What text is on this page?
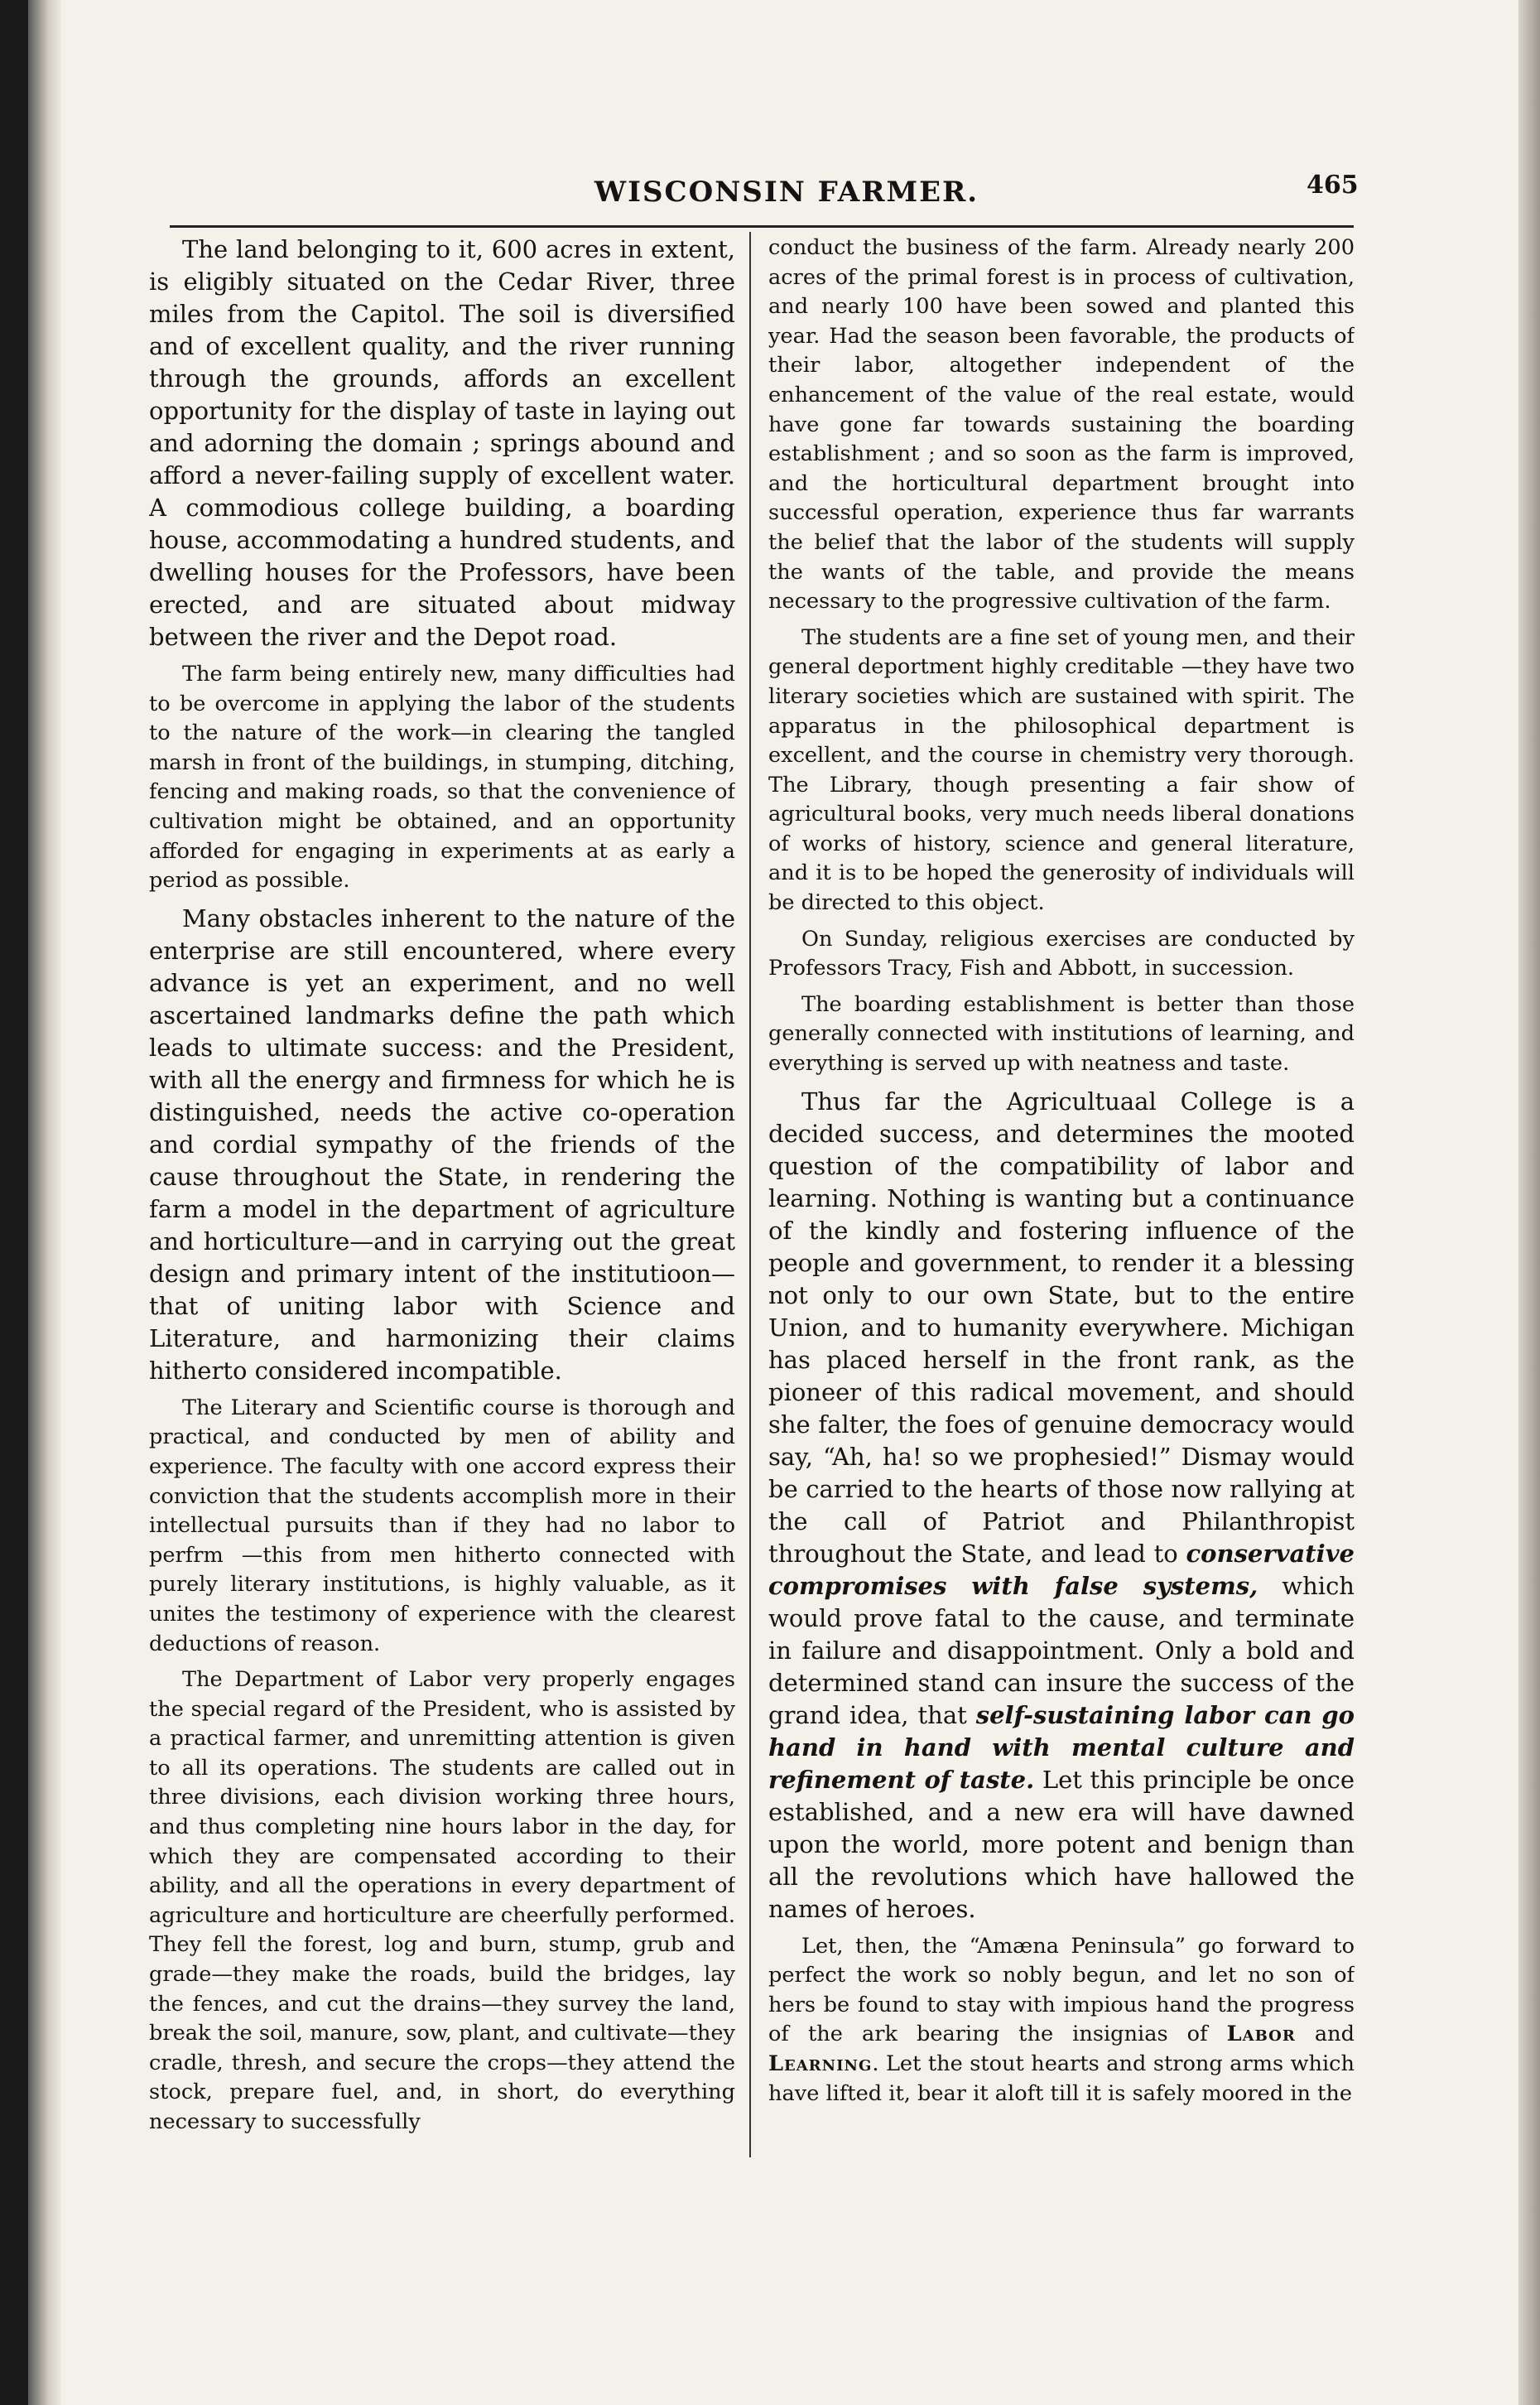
WISCONSIN FARMER.	465

The land belonging to it, 600 acres in extent, is eligibly situated on the Cedar River, three miles from the Capitol. The soil is diversified and of excellent quality, and the river running through the grounds, affords an excellent opportunity for the display of taste in laying out and adorning the domain ; springs abound and afford a never-failing supply of excellent water. A commodious college building, a boarding house, accommodating a hundred students, and dwelling houses for the Professors, have been erected, and are situated about midway between the river and the Depot road.

The farm being entirely new, many difficulties had to be overcome in applying the labor of the students to the nature of the work—in clearing the tangled marsh in front of the buildings, in stumping, ditching, fencing and making roads, so that the convenience of cultivation might be obtained, and an opportunity afforded for engaging in experiments at as early a period as possible.

Many obstacles inherent to the nature of the enterprise are still encountered, where every advance is yet an experiment, and no well ascertained landmarks define the path which leads to ultimate success: and the President, with all the energy and firmness for which he is distinguished, needs the active co-operation and cordial sympathy of the friends of the cause throughout the State, in rendering the farm a model in the department of agriculture and horticulture—and in carrying out the great design and primary intent of the institutioon—that of uniting labor with Science and Literature, and harmonizing their claims hitherto considered incompatible.

The Literary and Scientific course is thorough and practical, and conducted by men of ability and experience. The faculty with one accord express their conviction that the students accomplish more in their intellectual pursuits than if they had no labor to perfrm —this from men hitherto connected with purely literary institutions, is highly valuable, as it unites the testimony of experience with the clearest deductions of reason.

The Department of Labor very properly engages the special regard of the President, who is assisted by a practical farmer, and unremitting attention is given to all its operations. The students are called out in three divisions, each division working three hours, and thus completing nine hours labor in the day, for which they are compensated according to their ability, and all the operations in every department of agriculture and horticulture are cheerfully performed. They fell the forest, log and burn, stump, grub and grade—they make the roads, build the bridges, lay the fences, and cut the drains—they survey the land, break the soil, manure, sow, plant, and cultivate—they cradle, thresh, and secure the crops—they attend the stock, prepare fuel, and, in short, do everything necessary to successfully

conduct the business of the farm. Already nearly 200 acres of the primal forest is in process of cultivation, and nearly 100 have been sowed and planted this year. Had the season been favorable, the products of their labor, altogether independent of the enhancement of the value of the real estate, would have gone far towards sustaining the boarding establishment ; and so soon as the farm is improved, and the horticultural department brought into successful operation, experience thus far warrants the belief that the labor of the students will supply the wants of the table, and provide the means necessary to the progressive cultivation of the farm.

The students are a fine set of young men, and their general deportment highly creditable —they have two literary societies which are sustained with spirit. The apparatus in the philosophical department is excellent, and the course in chemistry very thorough. The Library, though presenting a fair show of agricultural books, very much needs liberal donations of works of history, science and general literature, and it is to be hoped the generosity of individuals will be directed to this object.

On Sunday, religious exercises are conducted by Professors Tracy, Fish and Abbott, in succession.

The boarding establishment is better than those generally connected with institutions of learning, and everything is served up with neatness and taste.

Thus far the Agricultuaal College is a decided success, and determines the mooted question of the compatibility of labor and learning. Nothing is wanting but a continuance of the kindly and fostering influence of the people and government, to render it a blessing not only to our own State, but to the entire Union, and to humanity everywhere. Michigan has placed herself in the front rank, as the pioneer of this radical movement, and should she falter, the foes of genuine democracy would say, “Ah, ha! so we prophesied!” Dismay would be carried to the hearts of those now rallying at the call of Patriot and Philanthropist throughout the State, and lead to conservative compromises with false systems, which would prove fatal to the cause, and terminate in failure and disappointment. Only a bold and determined stand can insure the success of the grand idea, that self-sustaining labor can go hand in hand with mental culture and refinement of taste. Let this principle be once established, and a new era will have dawned upon the world, more potent and benign than all the revolutions which have hallowed the names of heroes.

Let, then, the “Amæna Peninsula” go forward to perfect the work so nobly begun, and let no son of hers be found to stay with impious hand the progress of the ark bearing the insignias of Labor and Learning. Let the stout hearts and strong arms which have lifted it, bear it aloft till it is safely moored in the
